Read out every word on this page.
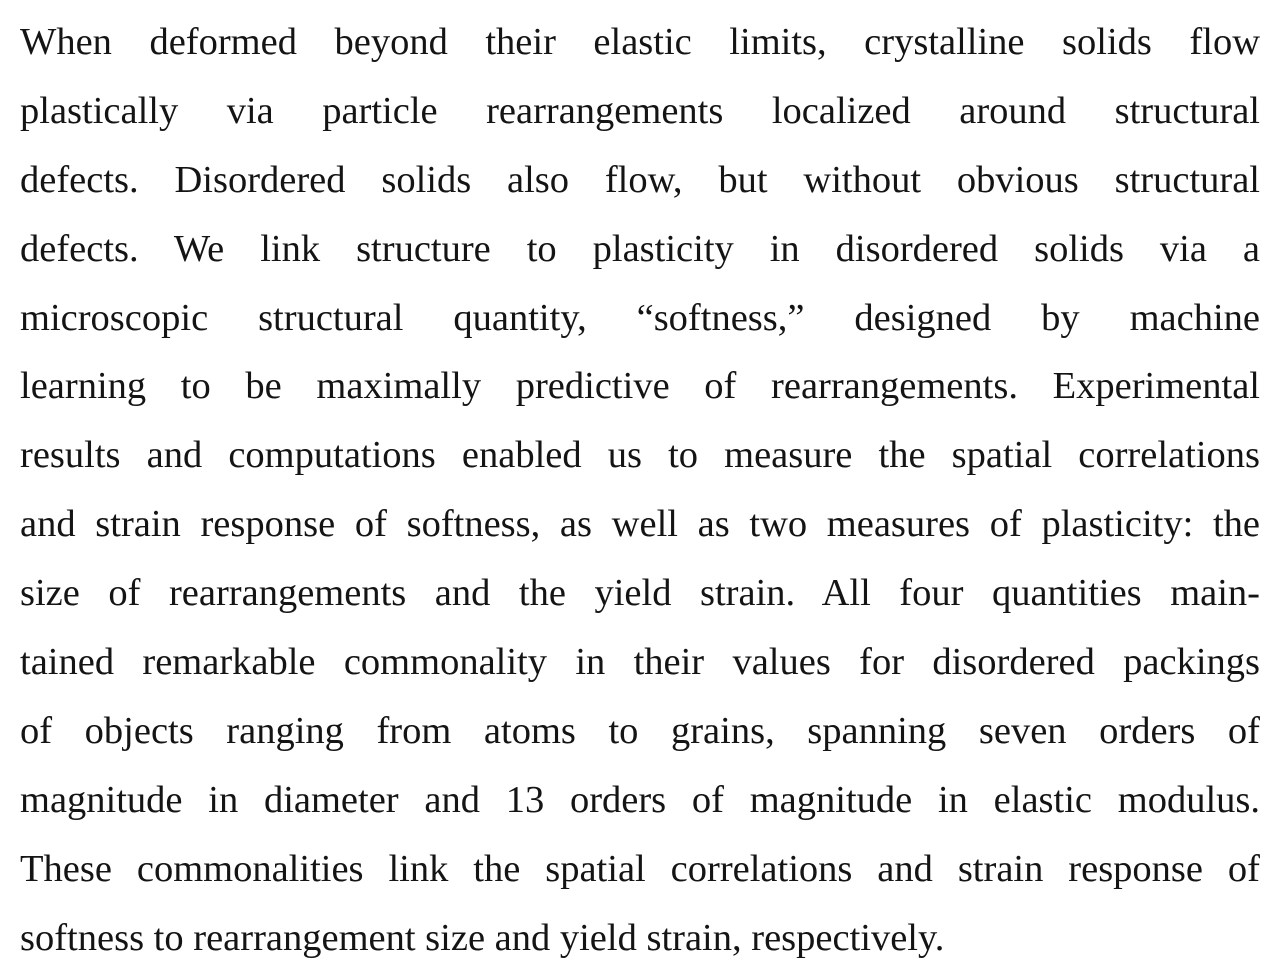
When deformed beyond their elastic limits, crystalline solids flow
plastically via particle rearrangements localized around structural
defects. Disordered solids also flow, but without obvious structural
defects. We link structure to plasticity in disordered solids via a
microscopic structural quantity, “softness,” designed by machine
learning to be maximally predictive of rearrangements. Experimental
results and computations enabled us to measure the spatial correlations
and strain response of softness, as well as two measures of plasticity: the
size of rearrangements and the yield strain. All four quantities main-
tained remarkable commonality in their values for disordered packings
of objects ranging from atoms to grains, spanning seven orders of
magnitude in diameter and 13 orders of magnitude in elastic modulus.
These commonalities link the spatial correlations and strain response of
softness to rearrangement size and yield strain, respectively.
